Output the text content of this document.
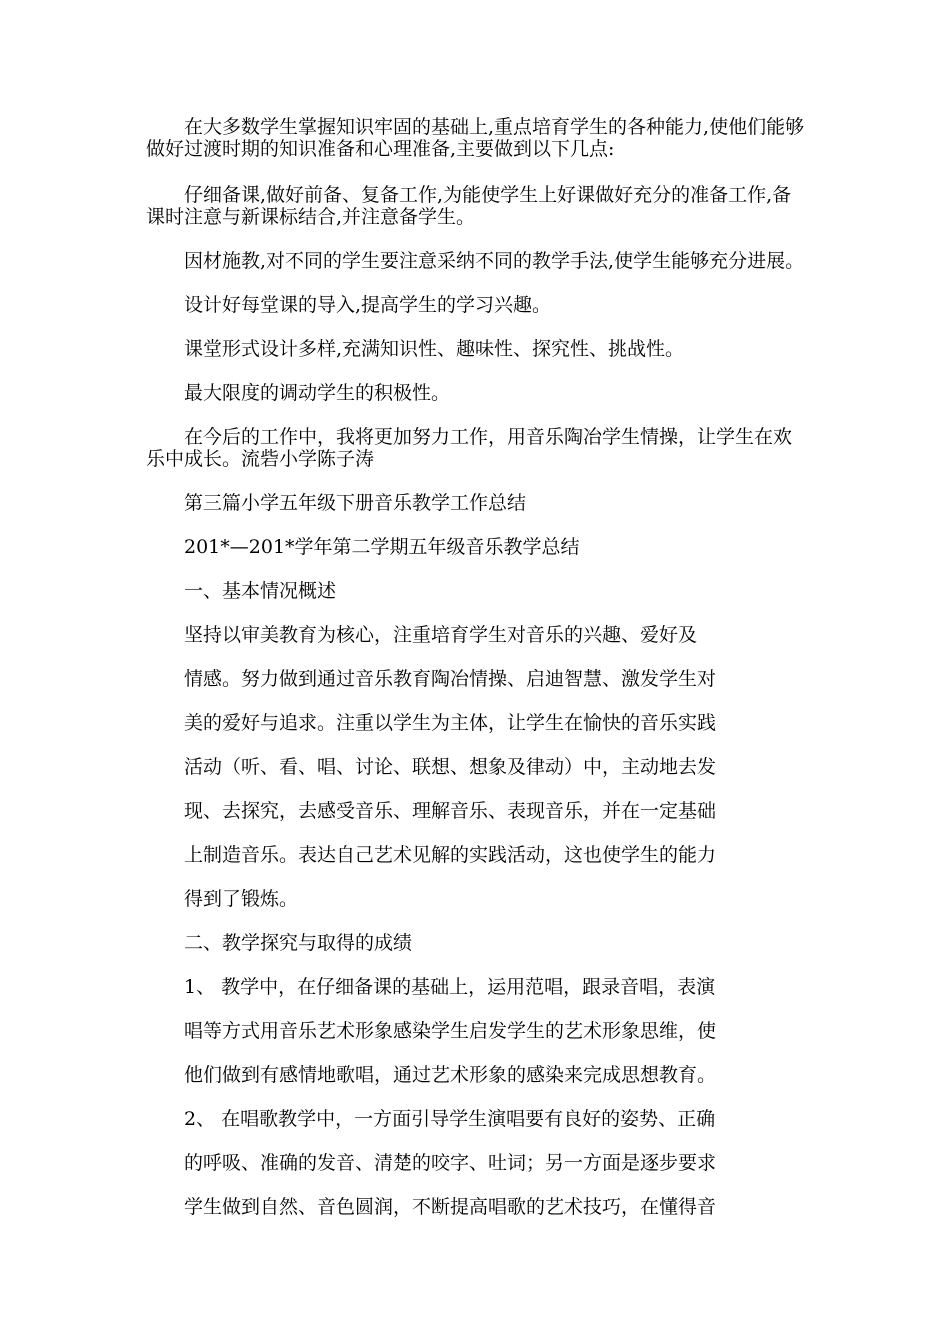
在大多数学生掌握知识牢固的基础上,重点培育学生的各种能力,使他们能够

做好过渡时期的知识准备和心理准备,主要做到以下几点:

仔细备课,做好前备、复备工作,为能使学生上好课做好充分的准备工作,备

课时注意与新课标结合,并注意备学生。

因材施教,对不同的学生要注意采纳不同的教学手法,使学生能够充分进展。

设计好每堂课的导入,提高学生的学习兴趣。

课堂形式设计多样,充满知识性、趣味性、探究性、挑战性。

最大限度的调动学生的积极性。

在今后的工作中，我将更加努力工作，用音乐陶冶学生情操，让学生在欢

乐中成长。流砦小学陈子涛

第三篇小学五年级下册音乐教学工作总结

201*—201*学年第二学期五年级音乐教学总结

一、基本情况概述

坚持以审美教育为核心，注重培育学生对音乐的兴趣、爱好及

情感。努力做到通过音乐教育陶冶情操、启迪智慧、激发学生对

美的爱好与追求。注重以学生为主体，让学生在愉快的音乐实践

活动（听、看、唱、讨论、联想、想象及律动）中，主动地去发

现、去探究，去感受音乐、理解音乐、表现音乐，并在一定基础

上制造音乐。表达自己艺术见解的实践活动，这也使学生的能力

得到了锻炼。

二、教学探究与取得的成绩

1、 教学中，在仔细备课的基础上，运用范唱，跟录音唱，表演

唱等方式用音乐艺术形象感染学生启发学生的艺术形象思维，使

他们做到有感情地歌唱，通过艺术形象的感染来完成思想教育。

2、 在唱歌教学中，一方面引导学生演唱要有良好的姿势、正确

的呼吸、准确的发音、清楚的咬字、吐词；另一方面是逐步要求

学生做到自然、音色圆润，不断提高唱歌的艺术技巧，在懂得音
